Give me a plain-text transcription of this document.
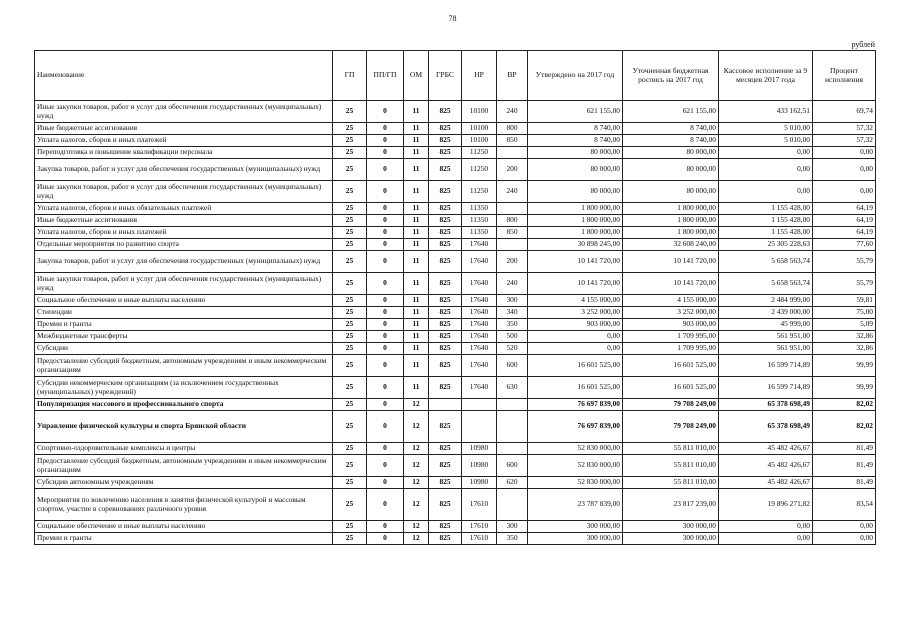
78
рублей
Наименование	ГП	ПП/ГП	ОМ	ГРБС	НР	ВР	Утверждено на 2017 год	Уточненная бюджетная роспись на 2017 год	Кассовое исполнение за 9 месяцев 2017 года	Процент исполнения
Иные закупки товаров, работ и услуг для обеспечения государственных (муниципальных) нужд	25	0	11	825	10100	240	621 155,00	621 155,00	433 162,51	69,74
Иные бюджетные ассигнования	25	0	11	825	10100	800	8 740,00	8 740,00	5 010,00	57,32
Уплата налогов, сборов и иных платежей	25	0	11	825	10100	850	8 740,00	8 740,00	5 010,00	57,32
Переподготовка и повышение квалификации персонала	25	0	11	825	11250		80 000,00	80 000,00	0,00	0,00
Закупка товаров, работ и услуг для обеспечения государственных (муниципальных) нужд	25	0	11	825	11250	200	80 000,00	80 000,00	0,00	0,00
Иные закупки товаров, работ и услуг для обеспечения государственных (муниципальных) нужд	25	0	11	825	11250	240	80 000,00	80 000,00	0,00	0,00
Уплата налогов, сборов и иных обязательных платежей	25	0	11	825	11350		1 800 000,00	1 800 000,00	1 155 428,00	64,19
Иные бюджетные ассигнования	25	0	11	825	11350	800	1 800 000,00	1 800 000,00	1 155 428,00	64,19
Уплата налогов, сборов и иных платежей	25	0	11	825	11350	850	1 800 000,00	1 800 000,00	1 155 428,00	64,19
Отдельные мероприятия по развитию спорта	25	0	11	825	17640		30 898 245,00	32 608 240,00	25 305 228,63	77,60
Закупка товаров, работ и услуг для обеспечения государственных (муниципальных) нужд	25	0	11	825	17640	200	10 141 720,00	10 141 720,00	5 658 563,74	55,79
Иные закупки товаров, работ и услуг для обеспечения государственных (муниципальных) нужд	25	0	11	825	17640	240	10 141 720,00	10 141 720,00	5 658 563,74	55,79
Социальное обеспечение и иные выплаты населению	25	0	11	825	17640	300	4 155 000,00	4 155 000,00	2 484 999,00	59,81
Стипендии	25	0	11	825	17640	340	3 252 000,00	3 252 000,00	2 439 000,00	75,00
Премии и гранты	25	0	11	825	17640	350	903 000,00	903 000,00	45 999,00	5,09
Межбюджетные трансферты	25	0	11	825	17640	500	0,00	1 709 995,00	561 951,00	32,86
Субсидии	25	0	11	825	17640	520	0,00	1 709 995,00	561 951,00	32,86
Предоставление субсидий бюджетным, автономным учреждениям и иным некоммерческим организациям	25	0	11	825	17640	600	16 601 525,00	16 601 525,00	16 599 714,89	99,99
Субсидии некоммерческим организациям (за исключением государственных (муниципальных) учреждений)	25	0	11	825	17640	630	16 601 525,00	16 601 525,00	16 599 714,89	99,99
Популяризация массового и профессионального спорта	25	0	12				76 697 839,00	79 708 249,00	65 378 698,49	82,02
Управление физической культуры и спорта Брянской области	25	0	12	825			76 697 839,00	79 708 249,00	65 378 698,49	82,02
Спортивно-оздоровительные комплексы и центры	25	0	12	825	10980		52 830 000,00	55 811 010,00	45 482 426,67	81,49
Предоставление субсидий бюджетным, автономным учреждениям и иным некоммерческим организациям	25	0	12	825	10980	600	52 830 000,00	55 811 010,00	45 482 426,67	81,49
Субсидии автономным учреждениям	25	0	12	825	10980	620	52 830 000,00	55 811 010,00	45 482 426,67	81,49
Мероприятия по вовлечению населения в занятия физической культурой и массовым спортом, участие в соревнованиях различного уровня	25	0	12	825	17610		23 787 839,00	23 817 239,00	19 896 271,82	83,54
Социальное обеспечение и иные выплаты населению	25	0	12	825	17610	300	300 000,00	300 000,00	0,00	0,00
Премии и гранты	25	0	12	825	17610	350	300 000,00	300 000,00	0,00	0,00
